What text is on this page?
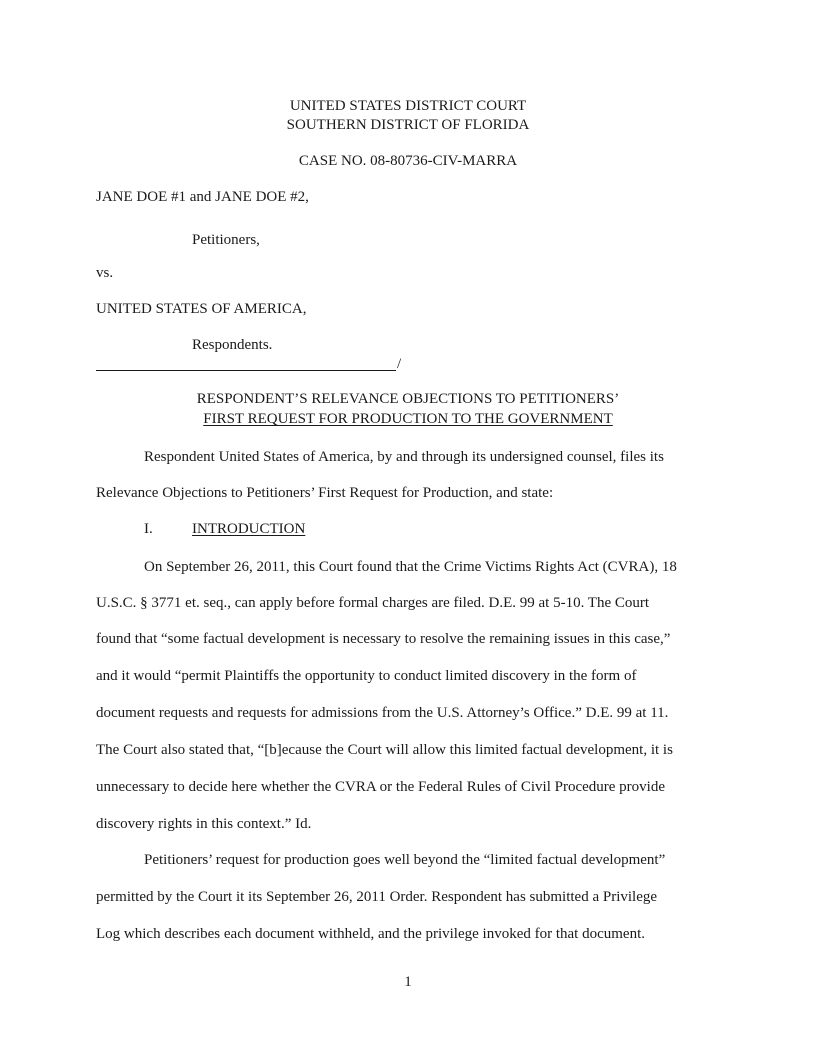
UNITED STATES DISTRICT COURT
SOUTHERN DISTRICT OF FLORIDA
CASE NO. 08-80736-CIV-MARRA
JANE DOE #1 and JANE DOE #2,
Petitioners,
vs.
UNITED STATES OF AMERICA,
Respondents.
/
RESPONDENT’S RELEVANCE OBJECTIONS TO PETITIONERS’
FIRST REQUEST FOR PRODUCTION TO THE GOVERNMENT
Respondent United States of America, by and through its undersigned counsel, files its
Relevance Objections to Petitioners’ First Request for Production, and state:
I.	INTRODUCTION
On September 26, 2011, this Court found that the Crime Victims Rights Act (CVRA), 18
U.S.C. § 3771 et. seq., can apply before formal charges are filed. D.E. 99 at 5-10. The Court
found that “some factual development is necessary to resolve the remaining issues in this case,”
and it would “permit Plaintiffs the opportunity to conduct limited discovery in the form of
document requests and requests for admissions from the U.S. Attorney’s Office.” D.E. 99 at 11.
The Court also stated that, “[b]ecause the Court will allow this limited factual development, it is
unnecessary to decide here whether the CVRA or the Federal Rules of Civil Procedure provide
discovery rights in this context.” Id.
Petitioners’ request for production goes well beyond the “limited factual development”
permitted by the Court it its September 26, 2011 Order. Respondent has submitted a Privilege
Log which describes each document withheld, and the privilege invoked for that document.
1
